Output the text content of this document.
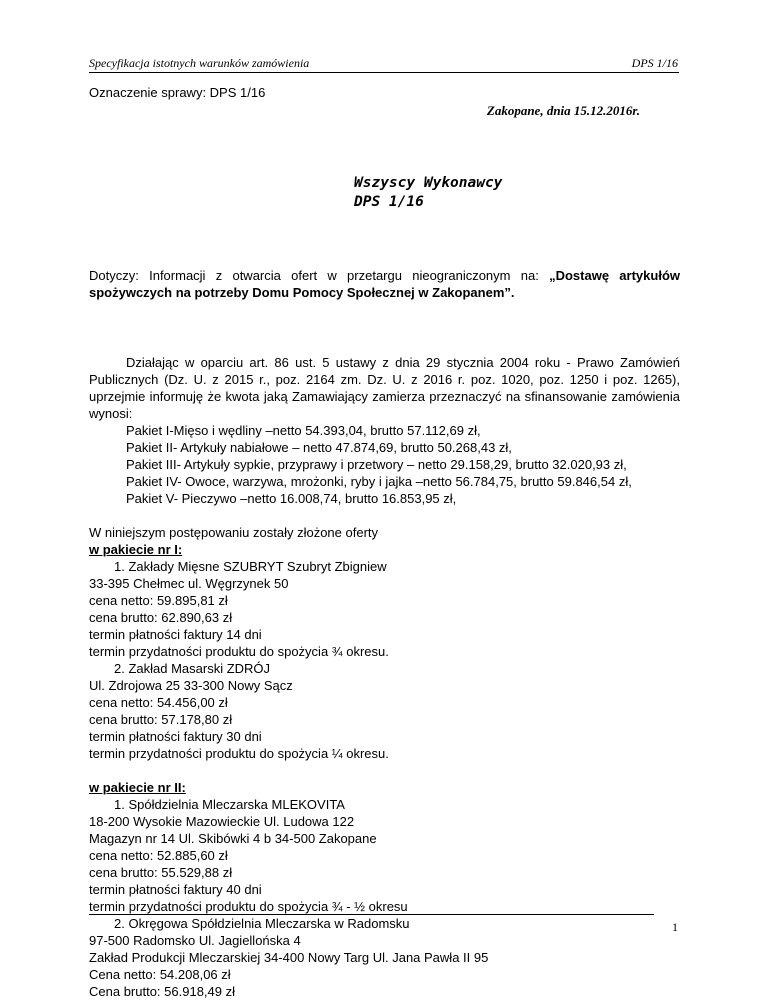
Specyfikacja istotnych warunków zamówienia	DPS 1/16

Oznaczenie sprawy: DPS 1/16

Zakopane, dnia 15.12.2016r.

Wszyscy Wykonawcy
DPS 1/16

Dotyczy: Informacji z otwarcia ofert w przetargu nieograniczonym na: „Dostawę artykułów spożywczych na potrzeby Domu Pomocy Społecznej w Zakopanem”.

Działając w oparciu art. 86 ust. 5 ustawy z dnia 29 stycznia 2004 roku - Prawo Zamówień Publicznych (Dz. U. z 2015 r., poz. 2164 zm. Dz. U. z 2016 r. poz. 1020, poz. 1250 i poz. 1265), uprzejmie informuję że kwota jaką Zamawiający zamierza przeznaczyć na sfinansowanie zamówienia wynosi:
Pakiet I-Mięso i wędliny –netto 54.393,04, brutto 57.112,69 zł,
Pakiet II- Artykuły nabiałowe – netto 47.874,69, brutto 50.268,43 zł,
Pakiet III- Artykuły sypkie, przyprawy i przetwory – netto 29.158,29, brutto 32.020,93 zł,
Pakiet IV- Owoce, warzywa, mrożonki, ryby i jajka –netto 56.784,75, brutto 59.846,54 zł,
Pakiet V- Pieczywo –netto 16.008,74, brutto 16.853,95 zł,

W niniejszym postępowaniu zostały złożone oferty

w pakiecie nr I:

1. Zakłady Mięsne SZUBRYT Szubryt Zbigniew
33-395 Chełmec ul. Węgrzynek 50
cena netto: 59.895,81 zł
cena brutto: 62.890,63 zł
termin płatności faktury 14 dni
termin przydatności produktu do spożycia ¾ okresu.
2. Zakład Masarski ZDRÓJ
Ul. Zdrojowa 25 33-300 Nowy Sącz
cena netto: 54.456,00 zł
cena brutto: 57.178,80 zł
termin płatności faktury 30 dni
termin przydatności produktu do spożycia ¼ okresu.

w pakiecie nr II:

1. Spółdzielnia Mleczarska MLEKOVITA
18-200 Wysokie Mazowieckie Ul. Ludowa 122
Magazyn nr 14 Ul. Skibówki 4 b 34-500 Zakopane
cena netto: 52.885,60 zł
cena brutto: 55.529,88 zł
termin płatności faktury 40 dni
termin przydatności produktu do spożycia ¾ - ½ okresu
2. Okręgowa Spółdzielnia Mleczarska w Radomsku
97-500 Radomsko Ul. Jagiellońska 4
Zakład Produkcji Mleczarskiej 34-400 Nowy Targ Ul. Jana Pawła II 95
Cena netto: 54.208,06 zł
Cena brutto: 56.918,49 zł
1
